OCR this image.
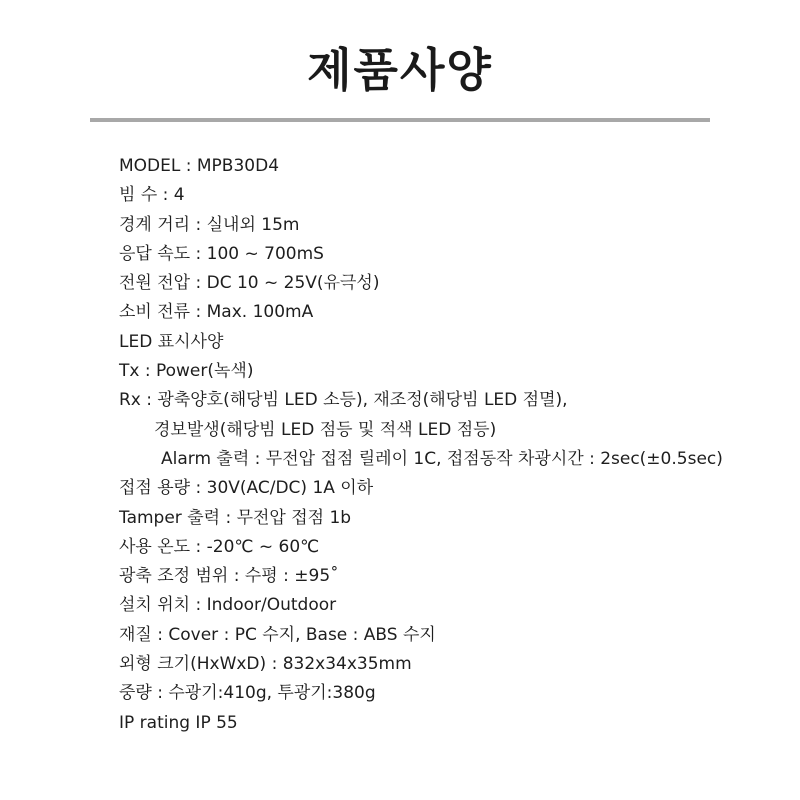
제품사양
MODEL : MPB30D4
빔 수 : 4
경계 거리 : 실내외 15m
응답 속도 : 100 ~ 700mS
전원 전압 : DC 10 ~ 25V(유극성)
소비 전류 : Max. 100mA
LED 표시사양
Tx : Power(녹색)
Rx : 광축양호(해당빔 LED 소등), 재조정(해당빔 LED 점멸),
경보발생(해당빔 LED 점등 및 적색 LED 점등)
Alarm 출력 : 무전압 접점 릴레이 1C, 접점동작 차광시간 : 2sec(±0.5sec)
접점 용량 : 30V(AC/DC) 1A 이하
Tamper 출력 : 무전압 접점 1b
사용 온도 : -20℃ ~ 60℃
광축 조정 범위 : 수평 : ±95˚
설치 위치 : Indoor/Outdoor
재질 : Cover : PC 수지, Base : ABS 수지
외형 크기(HxWxD) : 832x34x35mm
중량 : 수광기:410g, 투광기:380g
IP rating IP 55
